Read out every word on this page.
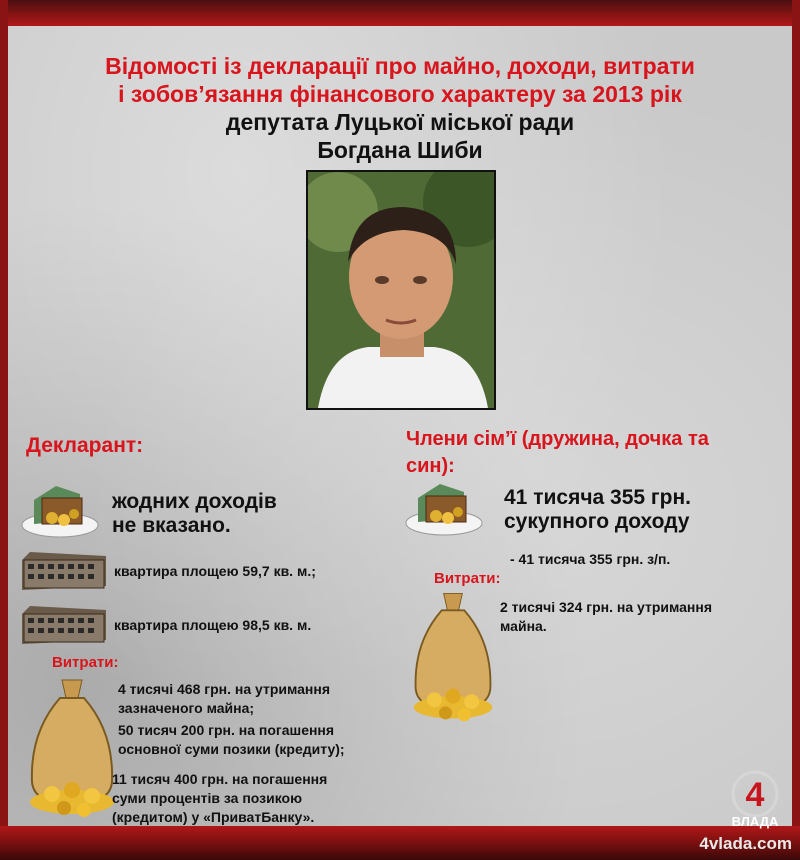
Відомості із декларації про майно, доходи, витрати
і зобов’язання фінансового характеру за 2013 рік
депутата Луцької міської ради
Богдана Шиби
Декларант:
жодних доходів
не вказано.
квартира площею 59,7 кв. м.;
квартира площею 98,5 кв. м.
Витрати:
4 тисячі 468 грн. на утримання
зазначеного майна;
50 тисяч 200 грн. на погашення
основної суми позики (кредиту);
11 тисяч 400 грн. на погашення
суми процентів за позикою
(кредитом) у «ПриватБанку».
Члени сім’ї (дружина, дочка та
син):
41 тисяча 355 грн.
сукупного доходу
- 41 тисяча 355 грн. з/п.
Витрати:
2 тисячі 324 грн. на утримання
майна.
4
ВЛАДА
4vlada.com
